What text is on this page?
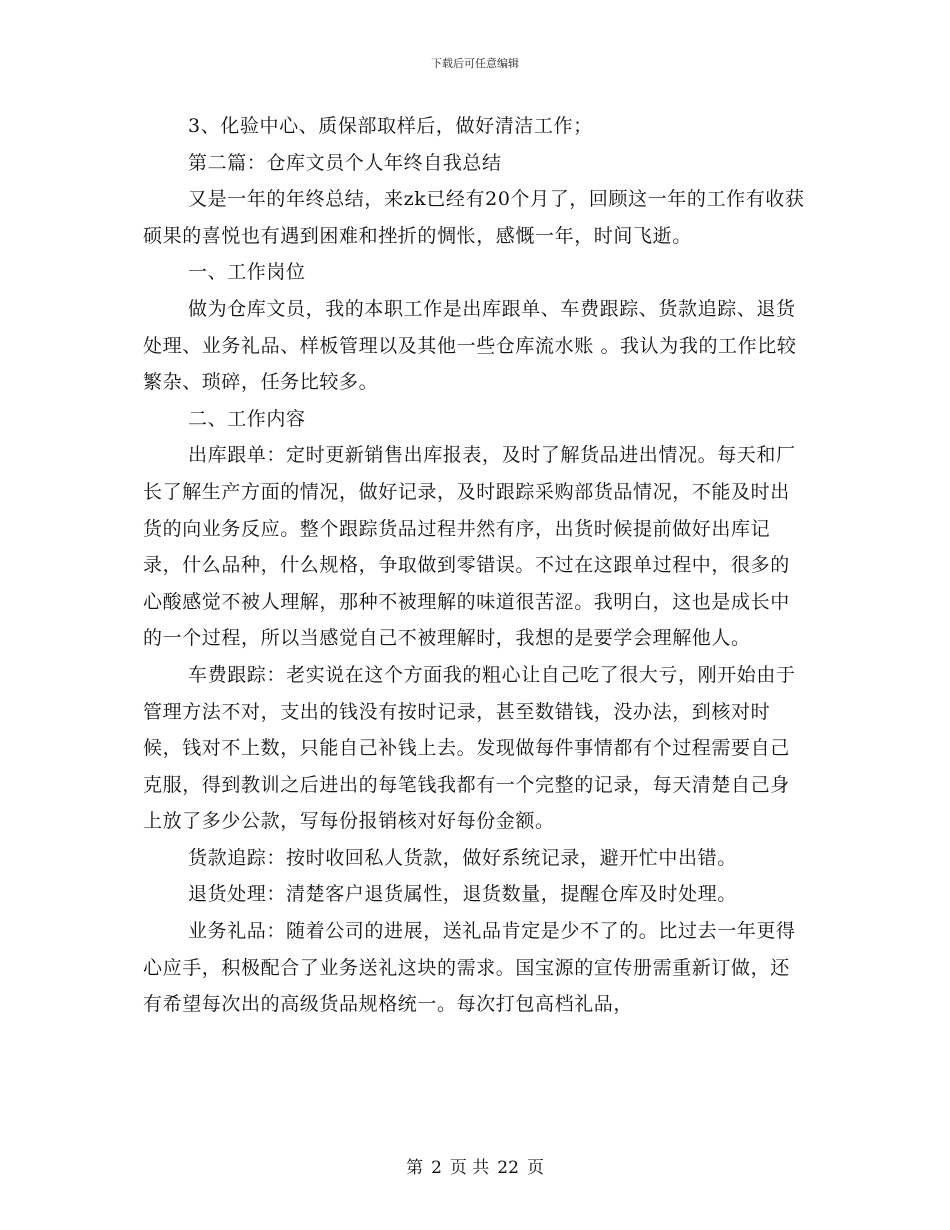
下载后可任意编辑

3、化验中心、质保部取样后，做好清洁工作；

第二篇：仓库文员个人年终自我总结

又是一年的年终总结，来zk已经有20个月了，回顾这一年的工作有收获硕果的喜悦也有遇到困难和挫折的惆怅，感慨一年，时间飞逝。

一、工作岗位

做为仓库文员，我的本职工作是出库跟单、车费跟踪、货款追踪、退货处理、业务礼品、样板管理以及其他一些仓库流水账 。我认为我的工作比较繁杂、琐碎，任务比较多。

二、工作内容

出库跟单：定时更新销售出库报表，及时了解货品进出情况。每天和厂长了解生产方面的情况，做好记录，及时跟踪采购部货品情况，不能及时出货的向业务反应。整个跟踪货品过程井然有序，出货时候提前做好出库记录，什么品种，什么规格，争取做到零错误。不过在这跟单过程中，很多的心酸感觉不被人理解，那种不被理解的味道很苦涩。我明白，这也是成长中的一个过程，所以当感觉自己不被理解时，我想的是要学会理解他人。

车费跟踪：老实说在这个方面我的粗心让自己吃了很大亏，刚开始由于管理方法不对，支出的钱没有按时记录，甚至数错钱，没办法，到核对时候，钱对不上数，只能自己补钱上去。发现做每件事情都有个过程需要自己克服，得到教训之后进出的每笔钱我都有一个完整的记录，每天清楚自己身上放了多少公款，写每份报销核对好每份金额。

货款追踪：按时收回私人货款，做好系统记录，避开忙中出错。

退货处理：清楚客户退货属性，退货数量，提醒仓库及时处理。

业务礼品：随着公司的进展，送礼品肯定是少不了的。比过去一年更得心应手，积极配合了业务送礼这块的需求。国宝源的宣传册需重新订做，还有希望每次出的高级货品规格统一。每次打包高档礼品，

第 2 页 共 22 页
